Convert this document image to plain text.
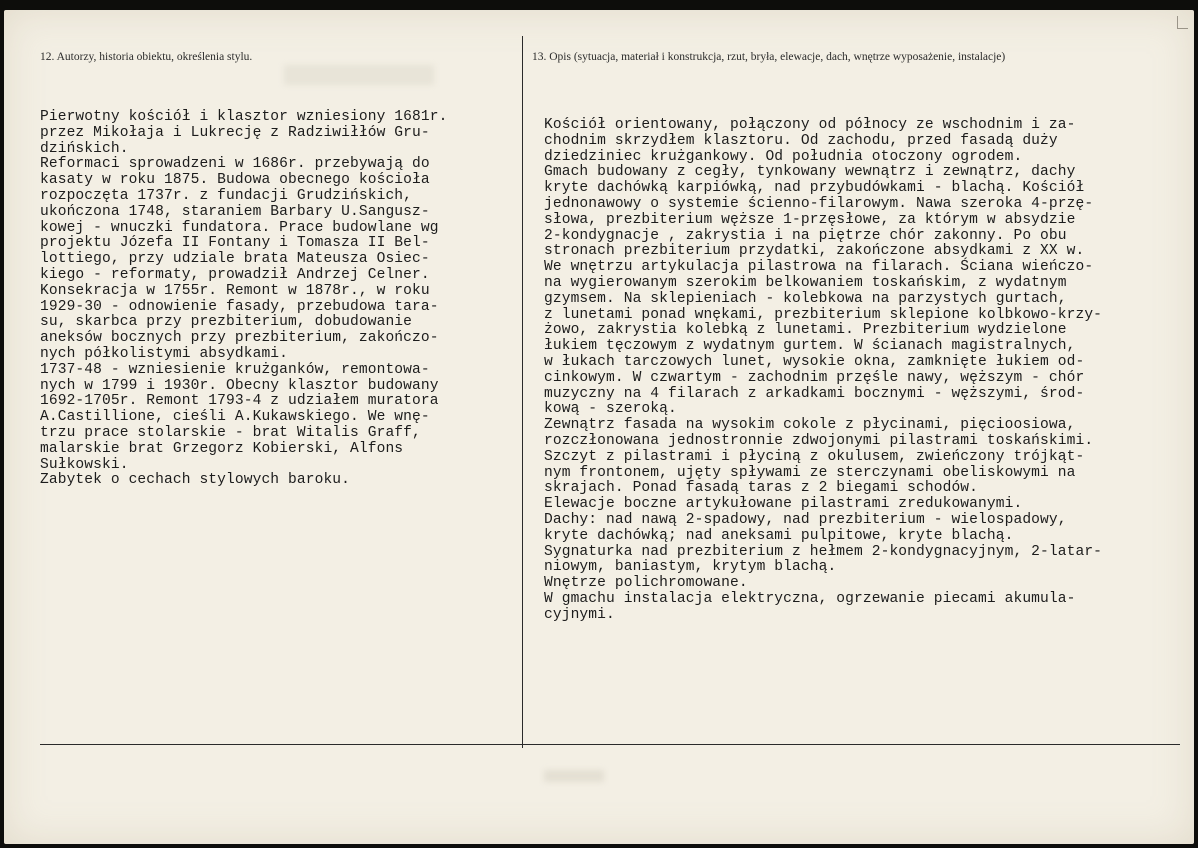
12. Autorzy, historia obiektu, określenia stylu.	13. Opis (sytuacja, materiał i konstrukcja, rzut, bryła, elewacje, dach, wnętrze wyposażenie, instalacje)
Pierwotny kościół i klasztor wzniesiony 1681r.
przez Mikołaja i Lukrecję z Radziwiłłów Gru-
dzińskich.
Reformaci sprowadzeni w 1686r. przebywają do
kasaty w roku 1875. Budowa obecnego kościoła
rozpoczęta 1737r. z fundacji Grudzińskich,
ukończona 1748, staraniem Barbary U.Sangusz-
kowej - wnuczki fundatora. Prace budowlane wg
projektu Józefa II Fontany i Tomasza II Bel-
lottiego, przy udziale brata Mateusza Osiec-
kiego - reformaty, prowadził Andrzej Celner.
Konsekracja w 1755r. Remont w 1878r., w roku
1929-30 - odnowienie fasady, przebudowa tara-
su, skarbca przy prezbiterium, dobudowanie
aneksów bocznych przy prezbiterium, zakończo-
nych półkolistymi absydkami.
1737-48 - wzniesienie krużganków, remontowa-
nych w 1799 i 1930r. Obecny klasztor budowany
1692-1705r. Remont 1793-4 z udziałem muratora
A.Castillione, cieśli A.Kukawskiego. We wnę-
trzu prace stolarskie - brat Witalis Graff,
malarskie brat Grzegorz Kobierski, Alfons
Sułkowski.
Zabytek o cechach stylowych baroku.
Kościół orientowany, połączony od północy ze wschodnim i za-
chodnim skrzydłem klasztoru. Od zachodu, przed fasadą duży
dziedziniec krużgankowy. Od południa otoczony ogrodem.
Gmach budowany z cegły, tynkowany wewnątrz i zewnątrz, dachy
kryte dachówką karpiówką, nad przybudówkami - blachą. Kościół
jednonawowy o systemie ścienno-filarowym. Nawa szeroka 4-przę-
słowa, prezbiterium węższe 1-przęsłowe, za którym w absydzie
2-kondygnacje , zakrystia i na piętrze chór zakonny. Po obu
stronach prezbiterium przydatki, zakończone absydkami z XX w.
We wnętrzu artykulacja pilastrowa na filarach. Ściana wieńczo-
na wygierowanym szerokim belkowaniem toskańskim, z wydatnym
gzymsem. Na sklepieniach - kolebkowa na parzystych gurtach,
z lunetami ponad wnękami, prezbiterium sklepione kolbkowo-krzy-
żowo, zakrystia kolebką z lunetami. Prezbiterium wydzielone
łukiem tęczowym z wydatnym gurtem. W ścianach magistralnych,
w łukach tarczowych lunet, wysokie okna, zamknięte łukiem od-
cinkowym. W czwartym - zachodnim przęśle nawy, węższym - chór
muzyczny na 4 filarach z arkadkami bocznymi - węższymi, środ-
kową - szeroką.
Zewnątrz fasada na wysokim cokole z płycinami, pięcioosiowa,
rozczłonowana jednostronnie zdwojonymi pilastrami toskańskimi.
Szczyt z pilastrami i płyciną z okulusem, zwieńczony trójkąt-
nym frontonem, ujęty spływami ze sterczynami obeliskowymi na
skrajach. Ponad fasadą taras z 2 biegami schodów.
Elewacje boczne artykułowane pilastrami zredukowanymi.
Dachy: nad nawą 2-spadowy, nad prezbiterium - wielospadowy,
kryte dachówką; nad aneksami pulpitowe, kryte blachą.
Sygnaturka nad prezbiterium z hełmem 2-kondygnacyjnym, 2-latar-
niowym, baniastym, krytym blachą.
Wnętrze polichromowane.
W gmachu instalacja elektryczna, ogrzewanie piecami akumula-
cyjnymi.
